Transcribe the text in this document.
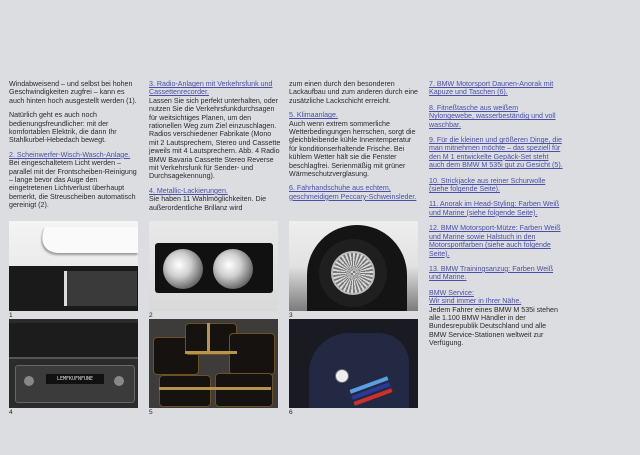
Windabweisend – und selbst bei hohen Geschwindigkeiten zugfrei – kann es auch hinten hoch ausgestellt werden (1).

Natürlich geht es auch noch bedienungsfreundlicher: mit der komfortablen Elektrik, die dann Ihr Stahlkurbel-Hebedach bewegt.

2. Scheinwerfer-Wisch-Wasch-Anlage.
Bei eingeschaltetem Licht werden – parallel mit der Frontscheiben-Reinigung – lange bevor das Auge den eingetretenen Lichtverlust überhaupt bemerkt, die Streuscheiben automatisch gereinigt (2).

3. Radio-Anlagen mit Verkehrsfunk und Cassettenrecorder.
Lassen Sie sich perfekt unterhalten, oder nutzen Sie die Verkehrsfunkdurchsagen für weitsichtiges Planen, um den rationellen Weg zum Ziel einzuschlagen. Radios verschiedener Fabrikate (Mono mit 2 Lautsprechern, Stereo und Cassette jeweils mit 4 Lautsprechern. Abb. 4 Radio BMW Bavaria Cassette Stereo Reverse mit Verkehrsfunk für Sender- und Durchsagekennung).

4. Metallic-Lackierungen.
Sie haben 11 Wahlmöglichkeiten. Die außerordentliche Brillanz wird

zum einen durch den besonderen Lackaufbau und zum anderen durch eine zusätzliche Lackschicht erreicht.

5. Klimaanlage.
Auch wenn extrem sommerliche Wetterbedingungen herrschen, sorgt die gleichbleibende kühle Innentemperatur für konditionserhaltende Frische. Bei kühlem Wetter hält sie die Fenster beschlagfrei. Serienmäßig mit grüner Wärmeschutzverglasung.

6. Fahrhandschuhe aus echtem, geschmeidigem Peccary-Schweinsleder.

7. BMW Motorsport Daunen-Anorak mit Kapuze und Taschen (6).

8. Fitneßtasche aus weißem Nylongewebe, wasserbeständig und voll waschbar.

9. Für die kleinen und größeren Dinge, die man mitnehmen möchte – das speziell für den M 1 entwickelte Gepäck-Set steht auch dem BMW M 535i gut zu Gesicht (5).

10. Strickjacke aus reiner Schurwolle (siehe folgende Seite).

11. Anorak im Head-Styling: Farben Weiß und Marine (siehe folgende Seite).

12. BMW Motorsport-Mütze: Farben Weiß und Marine sowie Halstuch in den Motorsportfarben (siehe auch folgende Seite).

13. BMW Trainingsanzug: Farben Weiß und Marine.

BMW Service:
Wir sind immer in Ihrer Nähe.
Jedem Fahrer eines BMW M 535i stehen alle 1.100 BMW Händler in der Bundesrepublik Deutschland und alle BMW Service-Stationen weltweit zur Verfügung.

1	2	3
LEMFKUFNFUNE
4	5	6
